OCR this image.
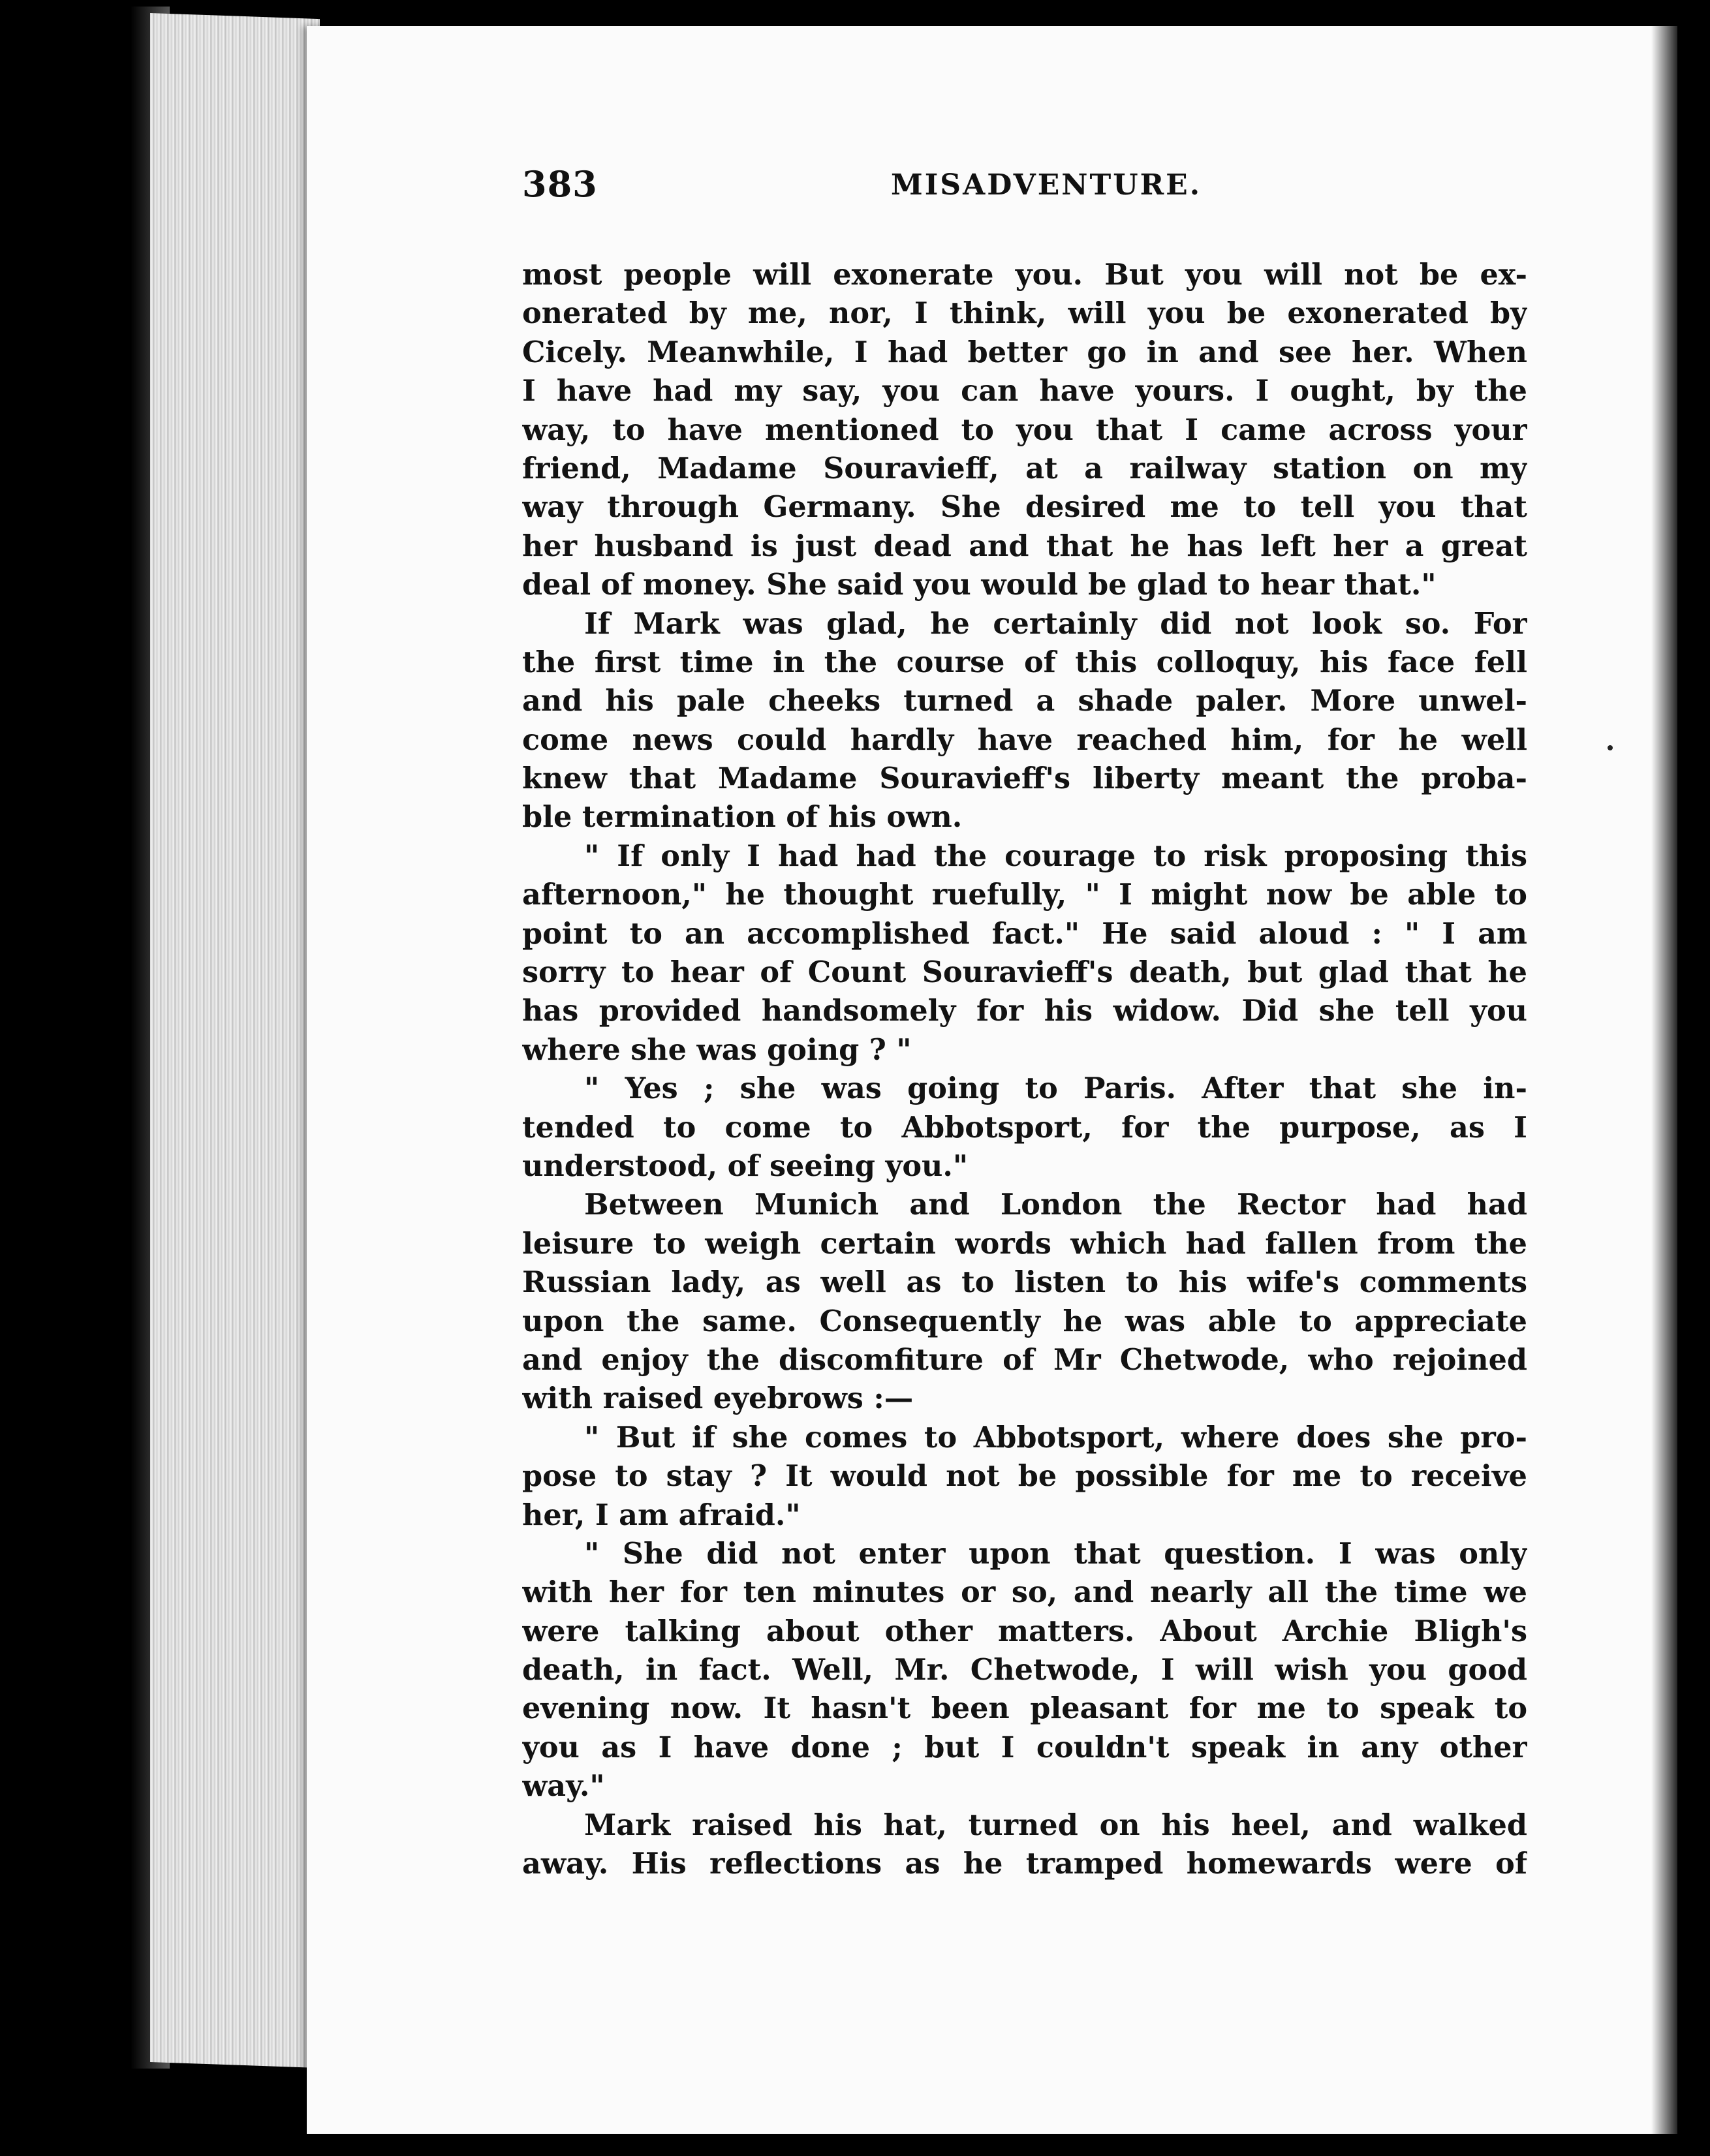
383	MISADVENTURE.
most people will exonerate you. But you will not be ex-
onerated by me, nor, I think, will you be exonerated by
Cicely. Meanwhile, I had better go in and see her. When
I have had my say, you can have yours. I ought, by the
way, to have mentioned to you that I came across your
friend, Madame Souravieff, at a railway station on my
way through Germany. She desired me to tell you that
her husband is just dead and that he has left her a great
deal of money. She said you would be glad to hear that."
If Mark was glad, he certainly did not look so. For
the first time in the course of this colloquy, his face fell
and his pale cheeks turned a shade paler. More unwel-
come news could hardly have reached him, for he well
knew that Madame Souravieff's liberty meant the proba-
ble termination of his own.
" If only I had had the courage to risk proposing this
afternoon," he thought ruefully, " I might now be able to
point to an accomplished fact." He said aloud : " I am
sorry to hear of Count Souravieff's death, but glad that he
has provided handsomely for his widow. Did she tell you
where she was going ? "
" Yes ; she was going to Paris. After that she in-
tended to come to Abbotsport, for the purpose, as I
understood, of seeing you."
Between Munich and London the Rector had had
leisure to weigh certain words which had fallen from the
Russian lady, as well as to listen to his wife's comments
upon the same. Consequently he was able to appreciate
and enjoy the discomfiture of Mr Chetwode, who rejoined
with raised eyebrows :—
" But if she comes to Abbotsport, where does she pro-
pose to stay ? It would not be possible for me to receive
her, I am afraid."
" She did not enter upon that question. I was only
with her for ten minutes or so, and nearly all the time we
were talking about other matters. About Archie Bligh's
death, in fact. Well, Mr. Chetwode, I will wish you good
evening now. It hasn't been pleasant for me to speak to
you as I have done ; but I couldn't speak in any other
way."
Mark raised his hat, turned on his heel, and walked
away. His reflections as he tramped homewards were of
